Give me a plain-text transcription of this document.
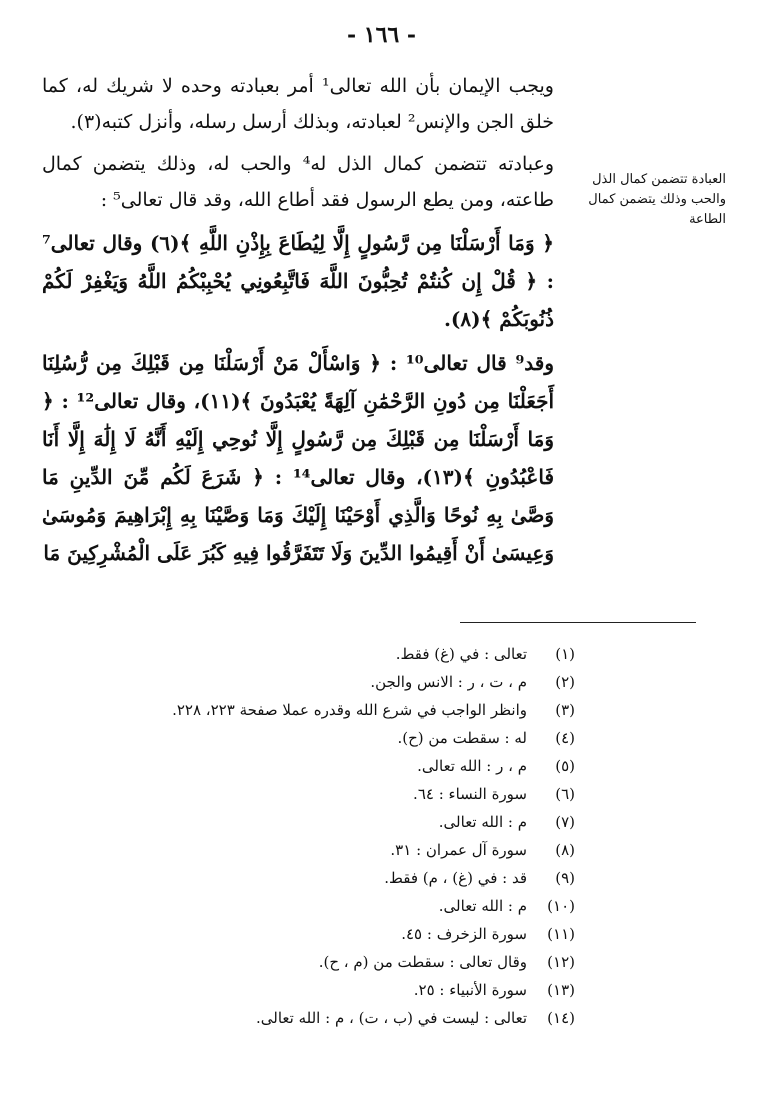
- ١٦٦ -

ويجب الإيمان بأن الله تعالى¹ أمر بعبادته وحده لا شريك له، كما خلق الجن والإنس² لعبادته، وبذلك أرسل رسله، وأنزل كتبه(٣).

وعبادته تتضمن كمال الذل له⁴ والحب له، وذلك يتضمن كمال طاعته، ومن يطع الرسول فقد أطاع الله، وقد قال تعالى⁵ :

﴿ وَمَا أَرْسَلْنَا مِن رَّسُولٍ إِلَّا لِيُطَاعَ بِإِذْنِ اللَّهِ ﴾(٦) وقال تعالى⁷ : ﴿ قُلْ إِن كُنتُمْ تُحِبُّونَ اللَّهَ فَاتَّبِعُونِي يُحْبِبْكُمُ اللَّهُ وَيَغْفِرْ لَكُمْ ذُنُوبَكُمْ ﴾(٨).

وقد⁹ قال تعالى¹⁰ : ﴿ وَاسْأَلْ مَنْ أَرْسَلْنَا مِن قَبْلِكَ مِن رُّسُلِنَا أَجَعَلْنَا مِن دُونِ الرَّحْمَٰنِ آلِهَةً يُعْبَدُونَ ﴾(١١)، وقال تعالى¹² : ﴿ وَمَا أَرْسَلْنَا مِن قَبْلِكَ مِن رَّسُولٍ إِلَّا نُوحِي إِلَيْهِ أَنَّهُ لَا إِلَٰهَ إِلَّا أَنَا فَاعْبُدُونِ ﴾(١٣)، وقال تعالى¹⁴ : ﴿ شَرَعَ لَكُم مِّنَ الدِّينِ مَا وَصَّىٰ بِهِ نُوحًا وَالَّذِي أَوْحَيْنَا إِلَيْكَ وَمَا وَصَّيْنَا بِهِ إِبْرَاهِيمَ وَمُوسَىٰ وَعِيسَىٰ أَنْ أَقِيمُوا الدِّينَ وَلَا تَتَفَرَّقُوا فِيهِ كَبُرَ عَلَى الْمُشْرِكِينَ مَا

العبادة تتضمن كمال الذل والحب وذلك يتضمن كمال الطاعة
(١)
تعالى : في (غ) فقط.
(٢)
م ، ت ، ر : الانس والجن.
(٣)
وانظر الواجب في شرع الله وقدره عملا صفحة ٢٢٣، ٢٢٨.
(٤)
له : سقطت من (ح).
(٥)
م ، ر : الله تعالى.
(٦)
سورة النساء : ٦٤.
(٧)
م : الله تعالى.
(٨)
سورة آل عمران : ٣١.
(٩)
قد : في (غ) ، م) فقط.
(١٠)
م : الله تعالى.
(١١)
سورة الزخرف : ٤٥.
(١٢)
وقال تعالى : سقطت من (م ، ح).
(١٣)
سورة الأنبياء : ٢٥.
(١٤)
تعالى : ليست في (ب ، ت) ، م : الله تعالى.
